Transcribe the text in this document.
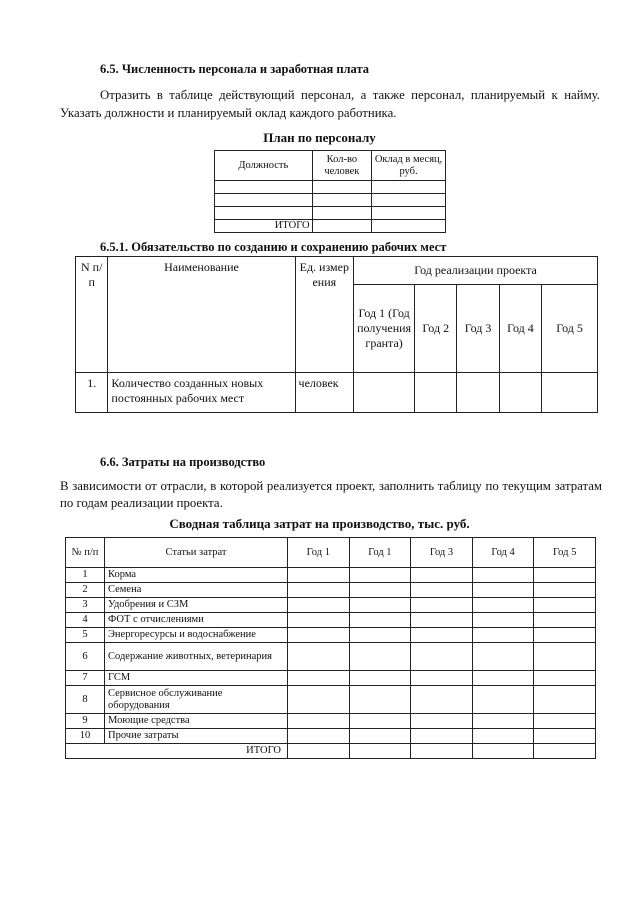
6.5. Численность персонала и заработная плата
Отразить в таблице действующий персонал, а также персонал, планируемый к найму. Указать должности и планируемый оклад каждого работника.
План по персоналу
Должность	Кол-во человек	Оклад в месяц, руб.

ИТОГО		
6.5.1. Обязательство по созданию и сохранению рабочих мест
N п/п	Наименование	Ед. измерения	Год реализации проекта				
			Год 1 (Год получения гранта)	Год 2	Год 3	Год 4	Год 5
1.	Количество созданных новых постоянных рабочих мест	человек					
6.6. Затраты на производство
В зависимости от отрасли, в которой реализуется проект, заполнить таблицу по текущим затратам по годам реализации проекта.
Сводная таблица затрат на производство, тыс. руб.
№ п/п	Статьи затрат	Год 1	Год 1	Год 3	Год 4	Год 5
1	Корма					
2	Семена					
3	Удобрения и СЗМ					
4	ФОТ с отчислениями					
5	Энергоресурсы и водоснабжение					
6	Содержание животных, ветеринария					
7	ГСМ					
8	Сервисное обслуживание оборудования					
9	Моющие средства					
10	Прочие затраты					
ИТОГО						
